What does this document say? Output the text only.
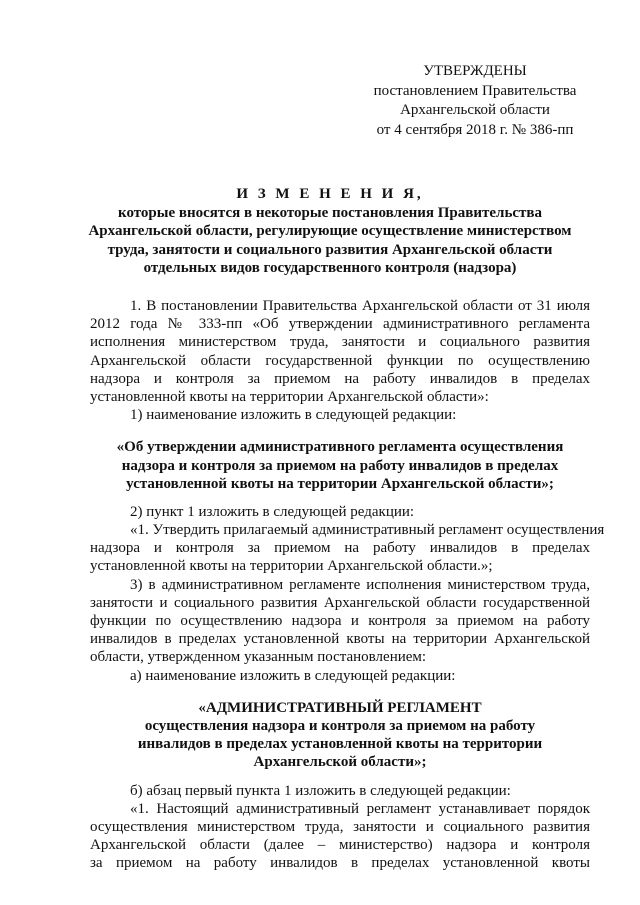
УТВЕРЖДЕНЫ
постановлением Правительства
Архангельской области
от 4 сентября 2018 г. № 386-пп
И З М Е Н Е Н И Я,
которые вносятся в некоторые постановления Правительства
Архангельской области, регулирующие осуществление министерством
труда, занятости и социального развития Архангельской области
отдельных видов государственного контроля (надзора)
1. В постановлении Правительства Архангельской области от 31 июля
2012 года № 333-пп «Об утверждении административного регламента
исполнения министерством труда, занятости и социального развития
Архангельской области государственной функции по осуществлению
надзора и контроля за приемом на работу инвалидов в пределах
установленной квоты на территории Архангельской области»:
1) наименование изложить в следующей редакции:
«Об утверждении административного регламента осуществления
надзора и контроля за приемом на работу инвалидов в пределах
установленной квоты на территории Архангельской области»;
2) пункт 1 изложить в следующей редакции:
«1. Утвердить прилагаемый административный регламент осуществления
надзора и контроля за приемом на работу инвалидов в пределах
установленной квоты на территории Архангельской области.»;
3) в административном регламенте исполнения министерством труда,
занятости и социального развития Архангельской области государственной
функции по осуществлению надзора и контроля за приемом на работу
инвалидов в пределах установленной квоты на территории Архангельской
области, утвержденном указанным постановлением:
а) наименование изложить в следующей редакции:
«АДМИНИСТРАТИВНЫЙ РЕГЛАМЕНТ
осуществления надзора и контроля за приемом на работу
инвалидов в пределах установленной квоты на территории
Архангельской области»;
б) абзац первый пункта 1 изложить в следующей редакции:
«1. Настоящий административный регламент устанавливает порядок
осуществления министерством труда, занятости и социального развития
Архангельской области (далее – министерство) надзора и контроля
за приемом на работу инвалидов в пределах установленной квоты
